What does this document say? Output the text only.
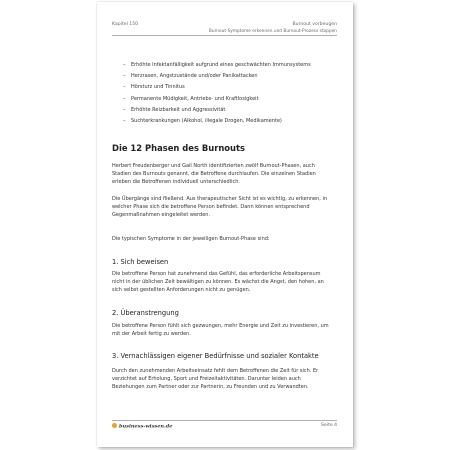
Kapitel 150	Burnout vorbeugen
Burnout-Symptome erkennen und Burnout-Prozess stoppen
– Erhöhte Infektanfälligkeit aufgrund eines geschwächten Immunsystems
– Herzrasen, Angstzustände und/oder Panikattacken
– Hörsturz und Tinnitus
– Permanente Müdigkeit, Antriebs- und Kraftlosigkeit
– Erhöhte Reizbarkeit und Aggressivität
– Suchterkrankungen (Alkohol, illegale Drogen, Medikamente)
Die 12 Phasen des Burnouts

Herbert Freudenberger und Gail North identifizierten zwölf Burnout-Phasen, auch
Stadien des Burnouts genannt, die Betroffene durchlaufen. Die einzelnen Stadien
erleben die Betroffenen individuell unterschiedlich.

Die Übergänge sind fließend. Aus therapeutischer Sicht ist es wichtig, zu erkennen, in
welcher Phase sich die betroffene Person befindet. Dann können entsprechend
Gegenmaßnahmen eingeleitet werden.

Die typischen Symptome in der jeweiligen Burnout-Phase sind:

1. Sich beweisen

Die betroffene Person hat zunehmend das Gefühl, das erforderliche Arbeitspensum
nicht in der üblichen Zeit bewältigen zu können. Es wächst die Angst, den hohen, an
sich selbst gestellten Anforderungen nicht zu genügen.

2. Überanstrengung

Die betroffene Person fühlt sich gezwungen, mehr Energie und Zeit zu investieren, um
mit der Arbeit fertig zu werden.

3. Vernachlässigen eigener Bedürfnisse und sozialer Kontakte

Durch den zunehmenden Arbeitseinsatz fehlt dem Betroffenen die Zeit für sich. Er
verzichtet auf Erholung, Sport und Freizeitaktivitäten. Darunter leiden auch
Beziehungen zum Partner oder zur Partnerin, zu Freunden und zu Verwandten.

business-wissen.de	Seite 4
